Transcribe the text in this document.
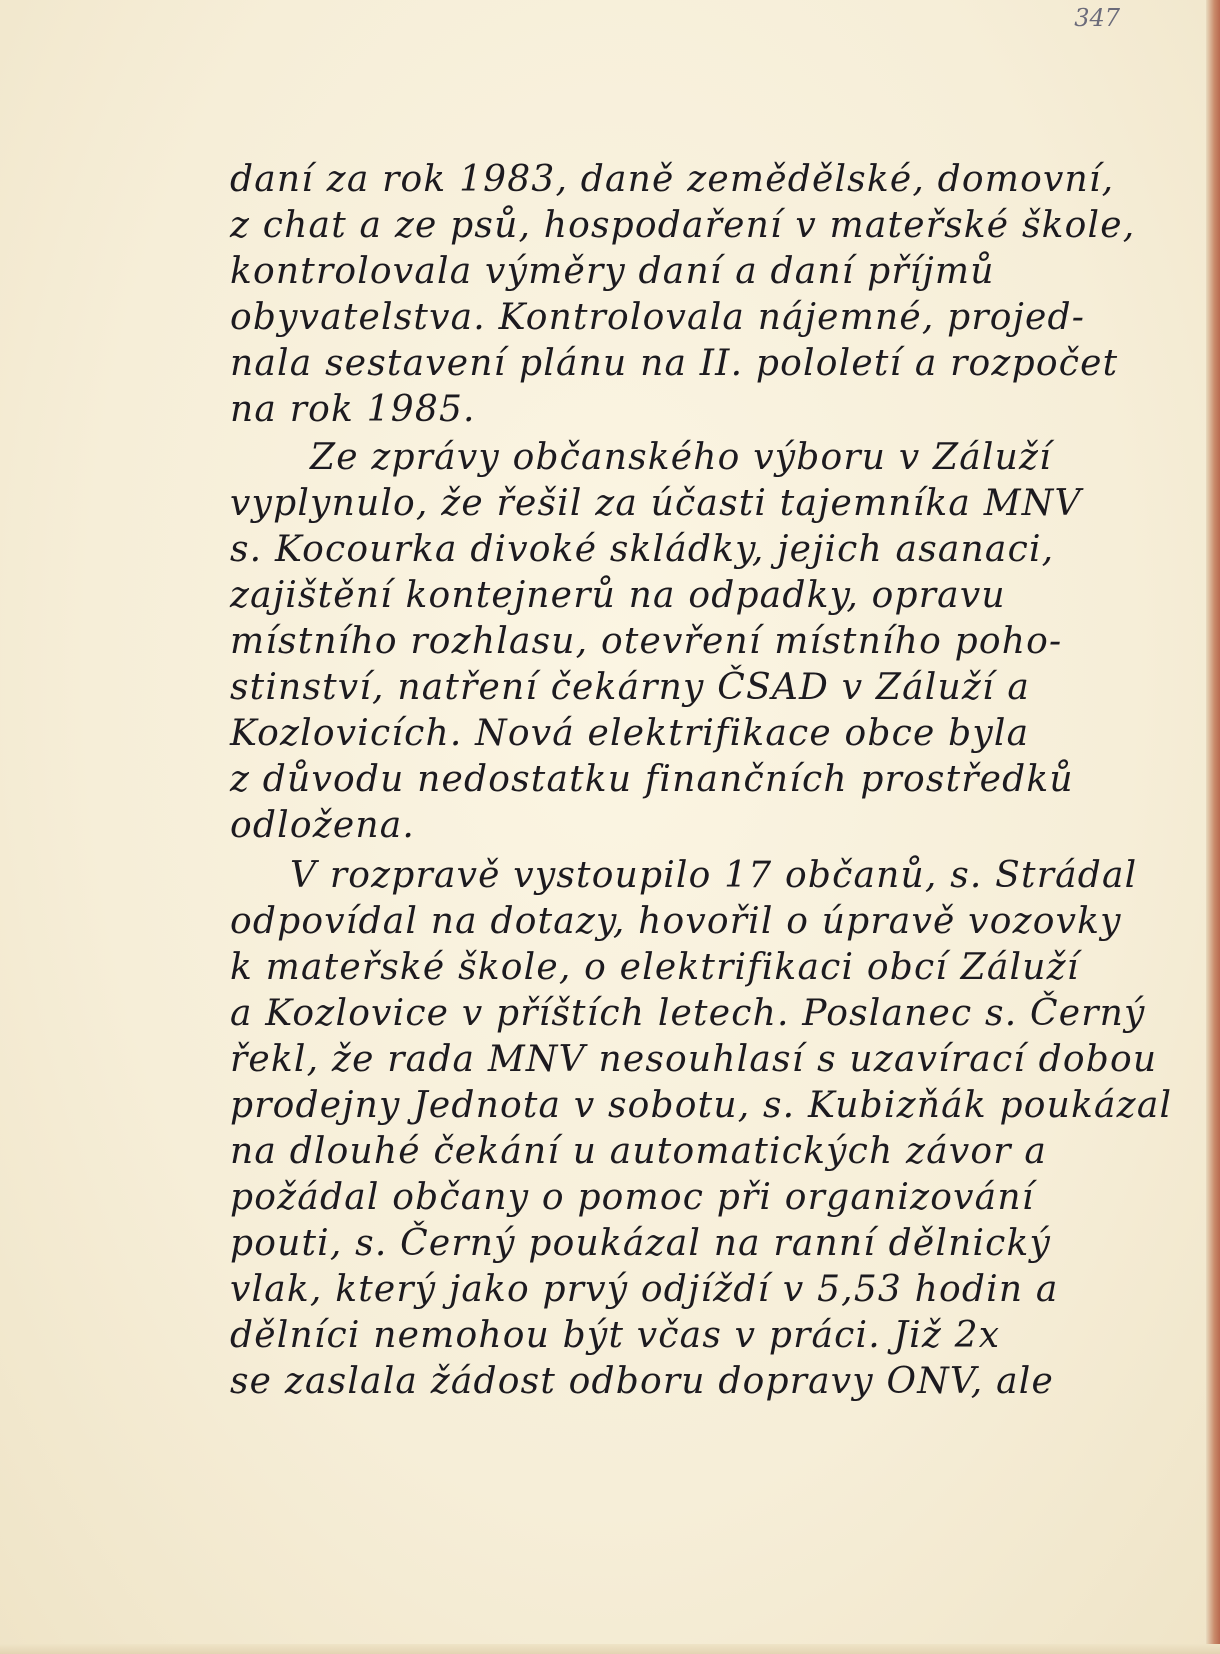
347
daní za rok 1983, daně zemědělské, domovní,
z chat a ze psů, hospodaření v mateřské škole,
kontrolovala výměry daní a daní příjmů
obyvatelstva. Kontrolovala nájemné, projed-
nala sestavení plánu na II. pololetí a rozpočet
na rok 1985.
Ze zprávy občanského výboru v Záluží
vyplynulo, že řešil za účasti tajemníka MNV
s. Kocourka divoké skládky, jejich asanaci,
zajištění kontejnerů na odpadky, opravu
místního rozhlasu, otevření místního poho-
stinství, natření čekárny ČSAD v Záluží a
Kozlovicích. Nová elektrifikace obce byla
z důvodu nedostatku finančních prostředků
odložena.
V rozpravě vystoupilo 17 občanů, s. Strádal
odpovídal na dotazy, hovořil o úpravě vozovky
k mateřské škole, o elektrifikaci obcí Záluží
a Kozlovice v příštích letech. Poslanec s. Černý
řekl, že rada MNV nesouhlasí s uzavírací dobou
prodejny Jednota v sobotu, s. Kubizňák poukázal
na dlouhé čekání u automatických závor a
požádal občany o pomoc při organizování
pouti, s. Černý poukázal na ranní dělnický
vlak, který jako prvý odjíždí v 5,53 hodin a
dělníci nemohou být včas v práci. Již 2x
se zaslala žádost odboru dopravy ONV, ale
